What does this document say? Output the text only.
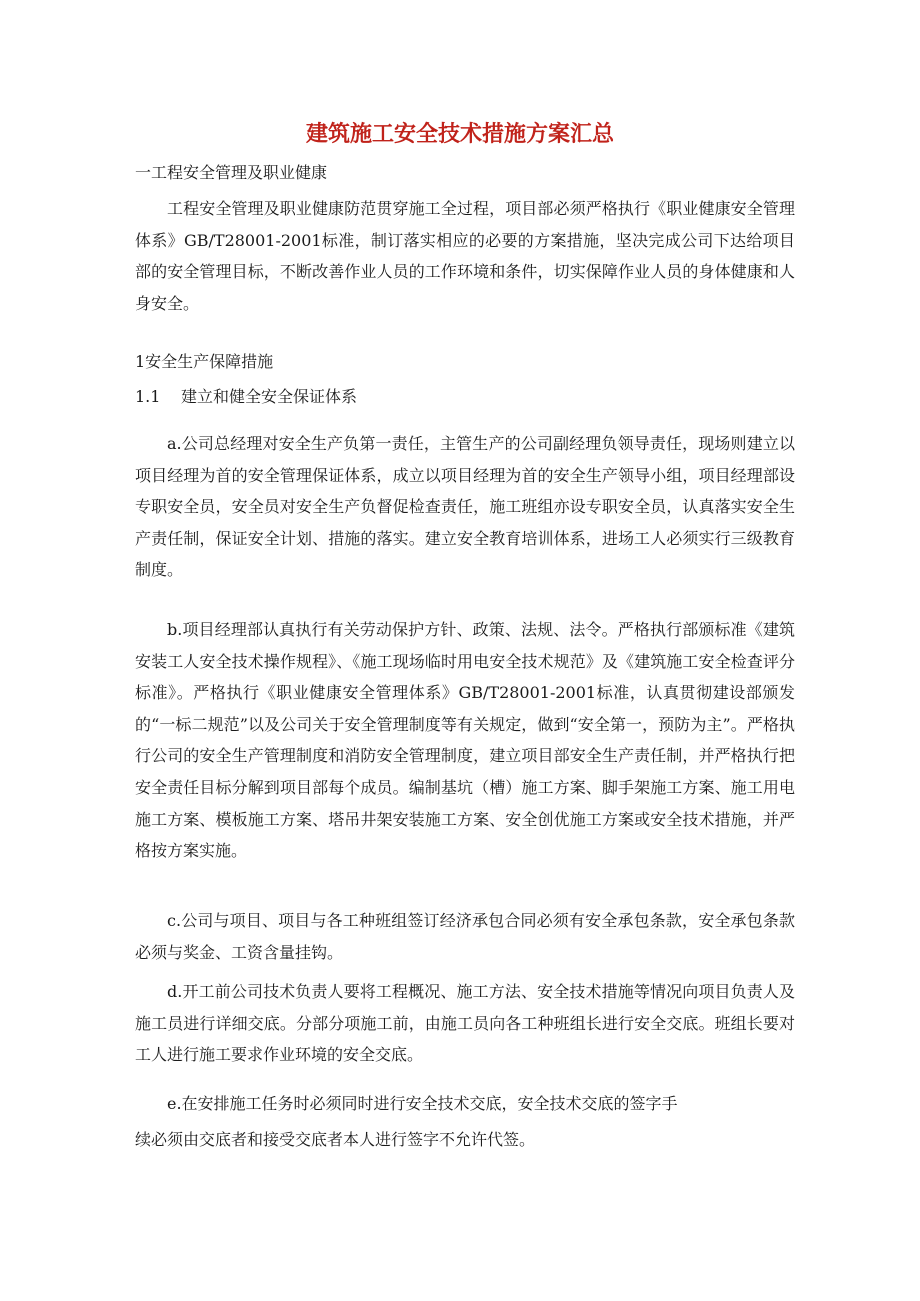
建筑施工安全技术措施方案汇总

一工程安全管理及职业健康

工程安全管理及职业健康防范贯穿施工全过程，项目部必须严格执行《职业健康安全管理体系》GB/T28001-2001标准，制订落实相应的必要的方案措施，坚决完成公司下达给项目部的安全管理目标，不断改善作业人员的工作环境和条件，切实保障作业人员的身体健康和人身安全。

1安全生产保障措施

1.1 建立和健全安全保证体系

a.公司总经理对安全生产负第一责任，主管生产的公司副经理负领导责任，现场则建立以项目经理为首的安全管理保证体系，成立以项目经理为首的安全生产领导小组，项目经理部设专职安全员，安全员对安全生产负督促检查责任，施工班组亦设专职安全员，认真落实安全生产责任制，保证安全计划、措施的落实。建立安全教育培训体系，进场工人必须实行三级教育制度。

b.项目经理部认真执行有关劳动保护方针、政策、法规、法令。严格执行部颁标准《建筑安装工人安全技术操作规程》、《施工现场临时用电安全技术规范》及《建筑施工安全检查评分标准》。严格执行《职业健康安全管理体系》GB/T28001-2001标准，认真贯彻建设部颁发的“一标二规范”以及公司关于安全管理制度等有关规定，做到“安全第一，预防为主”。严格执行公司的安全生产管理制度和消防安全管理制度，建立项目部安全生产责任制，并严格执行把安全责任目标分解到项目部每个成员。编制基坑（槽）施工方案、脚手架施工方案、施工用电施工方案、模板施工方案、塔吊井架安装施工方案、安全创优施工方案或安全技术措施，并严格按方案实施。

c.公司与项目、项目与各工种班组签订经济承包合同必须有安全承包条款，安全承包条款必须与奖金、工资含量挂钩。

d.开工前公司技术负责人要将工程概况、施工方法、安全技术措施等情况向项目负责人及施工员进行详细交底。分部分项施工前，由施工员向各工种班组长进行安全交底。班组长要对工人进行施工要求作业环境的安全交底。

e.在安排施工任务时必须同时进行安全技术交底，安全技术交底的签字手

续必须由交底者和接受交底者本人进行签字不允许代签。
